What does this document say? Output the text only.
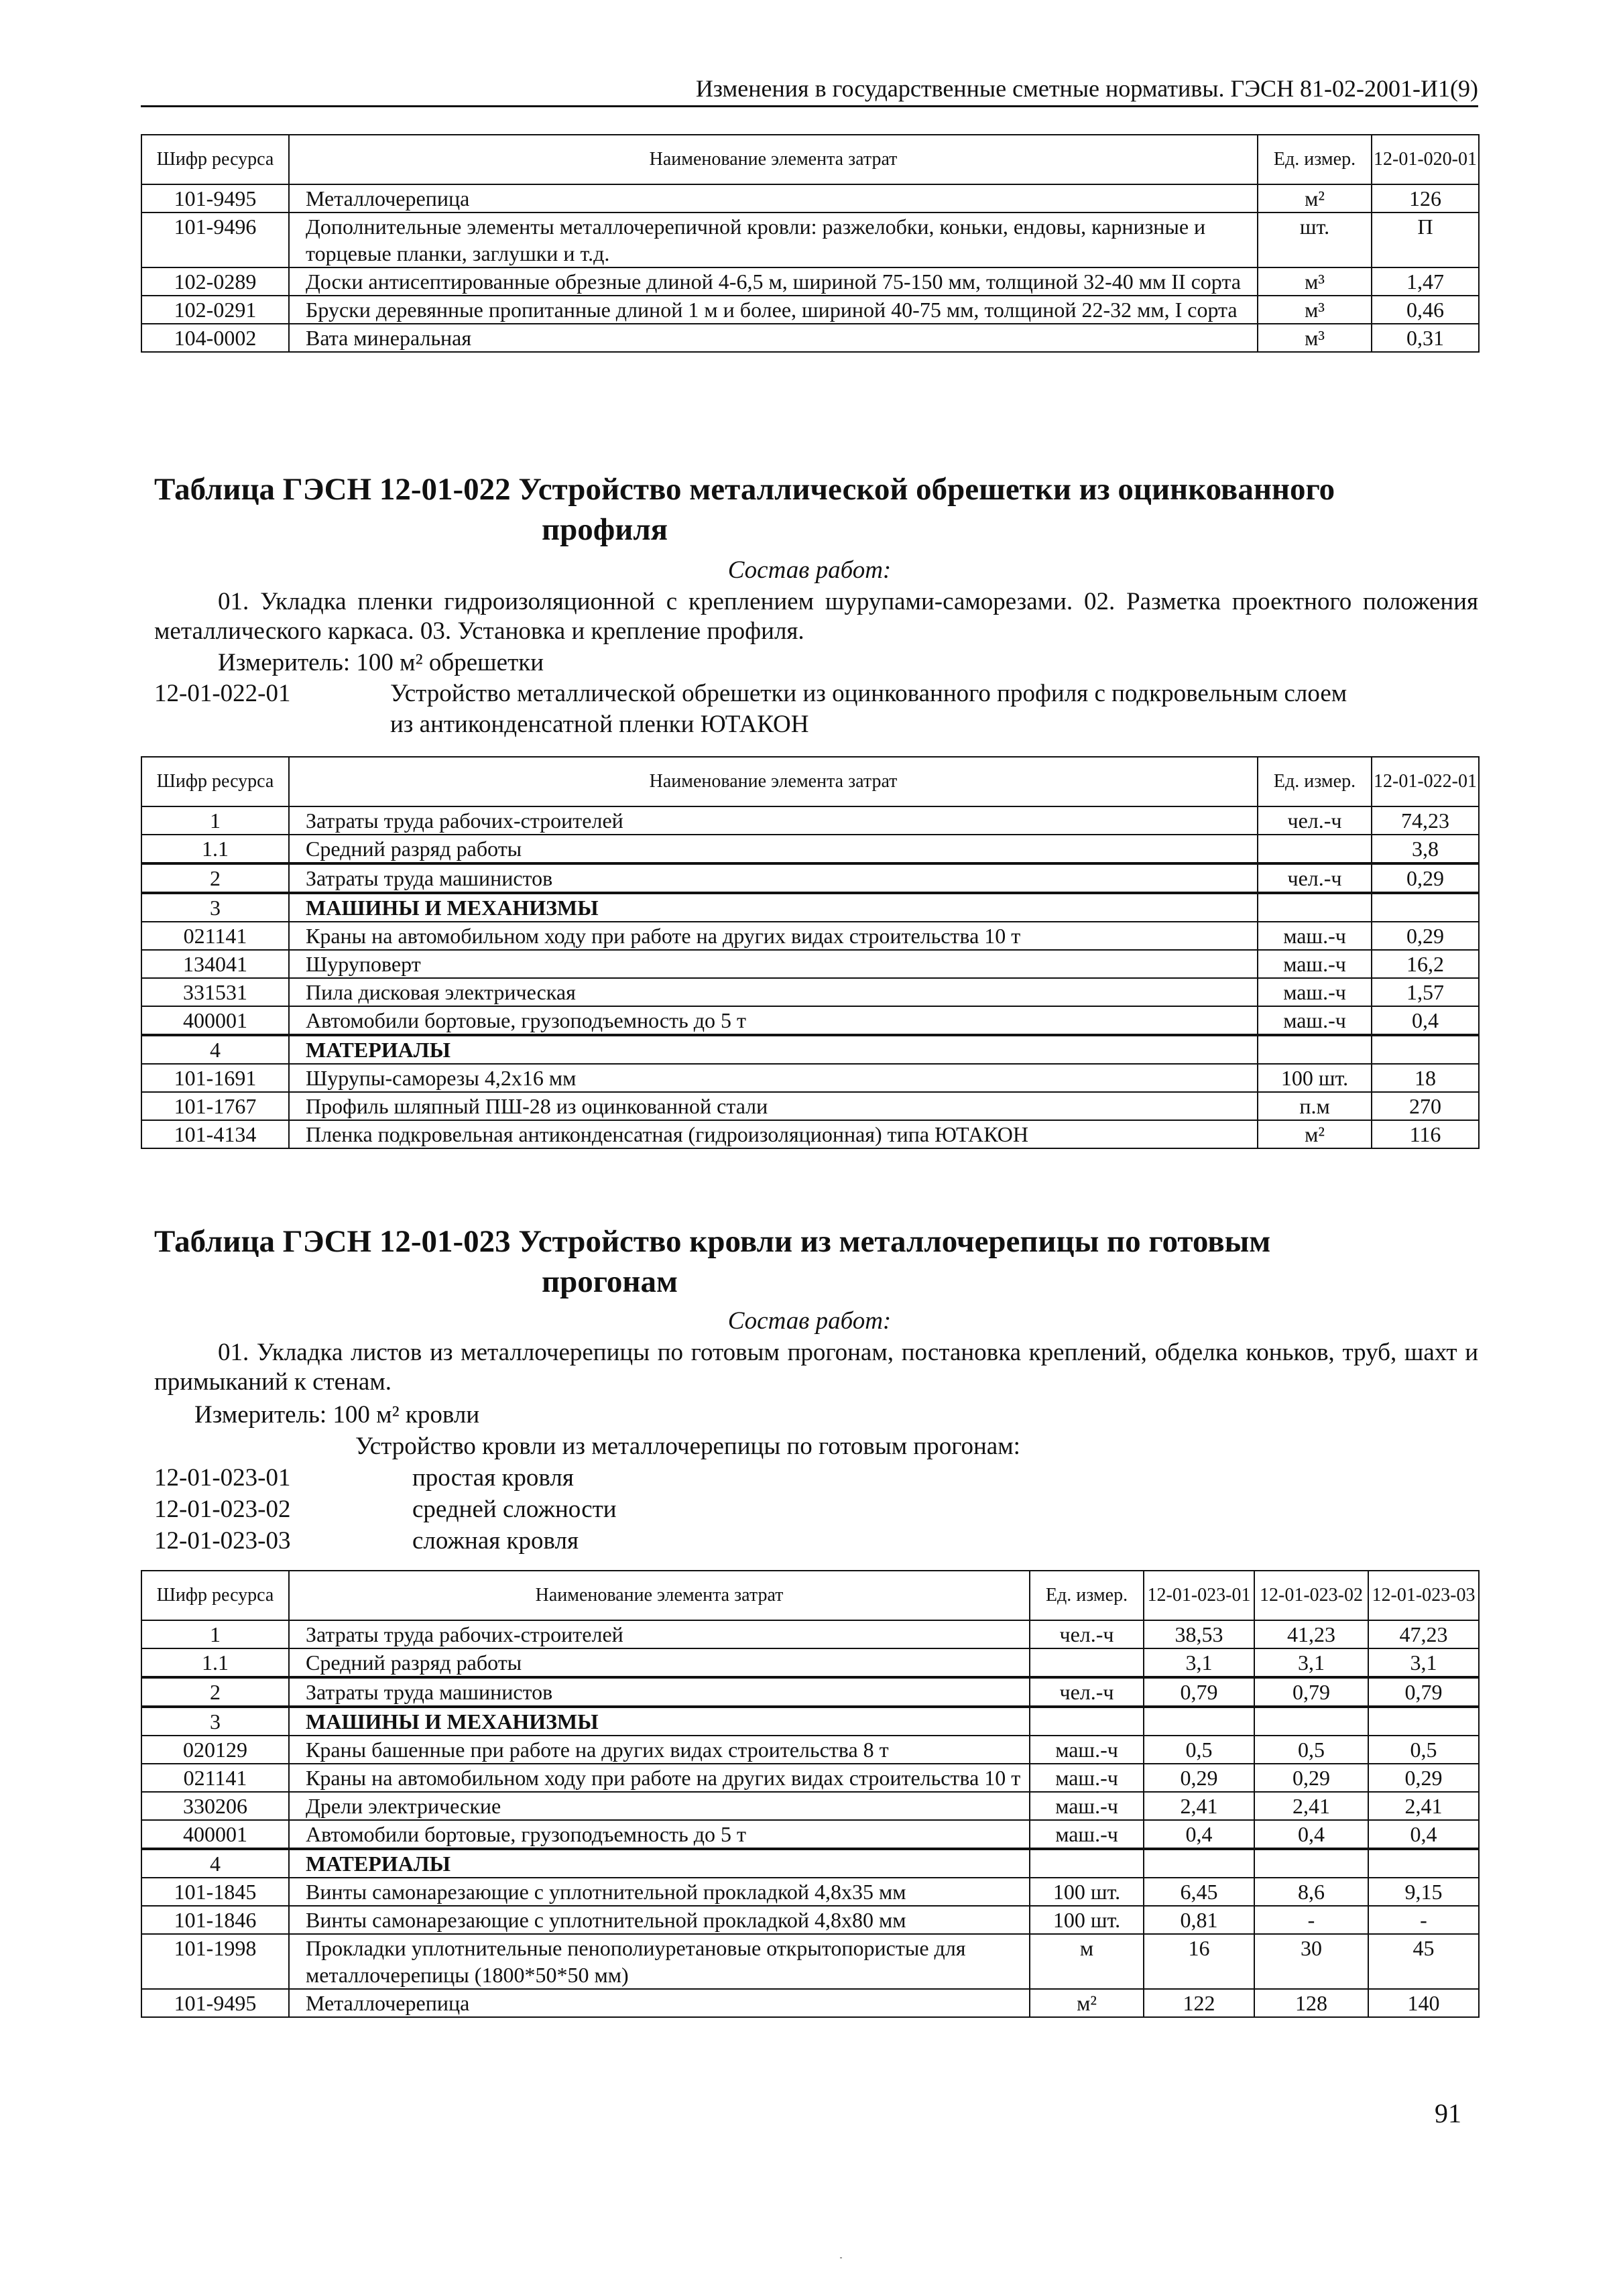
Изменения в государственные сметные нормативы. ГЭСН 81-02-2001-И1(9)
Шифр ресурса	Наименование элемента затрат	Ед. измер.	12-01-020-01
101-9495	Металлочерепица	м²	126
101-9496	Дополнительные элементы металлочерепичной кровли: разжелобки, коньки, ендовы, карнизные и торцевые планки, заглушки и т.д.	шт.	П
102-0289	Доски антисептированные обрезные длиной 4-6,5 м, шириной 75-150 мм, толщиной 32-40 мм II сорта	м³	1,47
102-0291	Бруски деревянные пропитанные длиной 1 м и более, шириной 40-75 мм, толщиной 22-32 мм, I сорта	м³	0,46
104-0002	Вата минеральная	м³	0,31
Таблица ГЭСН 12-01-022 Устройство металлической обрешетки из оцинкованного
профиля
Состав работ:
01. Укладка пленки гидроизоляционной с креплением шурупами-саморезами. 02. Разметка проектного положения металлического каркаса. 03. Установка и крепление профиля.
Измеритель: 100 м² обрешетки
12-01-022-01	Устройство металлической обрешетки из оцинкованного профиля с подкровельным слоем
из антиконденсатной пленки ЮТАКОН
Шифр ресурса	Наименование элемента затрат	Ед. измер.	12-01-022-01
1	Затраты труда рабочих-строителей	чел.-ч	74,23
1.1	Средний разряд работы		3,8
2	Затраты труда машинистов	чел.-ч	0,29
3	МАШИНЫ И МЕХАНИЗМЫ		
021141	Краны на автомобильном ходу при работе на других видах строительства 10 т	маш.-ч	0,29
134041	Шуруповерт	маш.-ч	16,2
331531	Пила дисковая электрическая	маш.-ч	1,57
400001	Автомобили бортовые, грузоподъемность до 5 т	маш.-ч	0,4
4	МАТЕРИАЛЫ		
101-1691	Шурупы-саморезы 4,2х16 мм	100 шт.	18
101-1767	Профиль шляпный ПШ-28 из оцинкованной стали	п.м	270
101-4134	Пленка подкровельная антиконденсатная (гидроизоляционная) типа ЮТАКОН	м²	116
Таблица ГЭСН 12-01-023 Устройство кровли из металлочерепицы по готовым
прогонам
Состав работ:
01. Укладка листов из металлочерепицы по готовым прогонам, постановка креплений, обделка коньков, труб, шахт и примыканий к стенам.
Измеритель: 100 м² кровли
Устройство кровли из металлочерепицы по готовым прогонам:
12-01-023-01	простая кровля
12-01-023-02	средней сложности
12-01-023-03	сложная кровля
Шифр ресурса	Наименование элемента затрат	Ед. измер.	12-01-023-01	12-01-023-02	12-01-023-03
1	Затраты труда рабочих-строителей	чел.-ч	38,53	41,23	47,23
1.1	Средний разряд работы		3,1	3,1	3,1
2	Затраты труда машинистов	чел.-ч	0,79	0,79	0,79
3	МАШИНЫ И МЕХАНИЗМЫ				
020129	Краны башенные при работе на других видах строительства 8 т	маш.-ч	0,5	0,5	0,5
021141	Краны на автомобильном ходу при работе на других видах строительства 10 т	маш.-ч	0,29	0,29	0,29
330206	Дрели электрические	маш.-ч	2,41	2,41	2,41
400001	Автомобили бортовые, грузоподъемность до 5 т	маш.-ч	0,4	0,4	0,4
4	МАТЕРИАЛЫ				
101-1845	Винты самонарезающие с уплотнительной прокладкой 4,8х35 мм	100 шт.	6,45	8,6	9,15
101-1846	Винты самонарезающие с уплотнительной прокладкой 4,8х80 мм	100 шт.	0,81	-	-
101-1998	Прокладки уплотнительные пенополиуретановые открытопористые для металлочерепицы (1800*50*50 мм)	м	16	30	45
101-9495	Металлочерепица	м²	122	128	140
91
